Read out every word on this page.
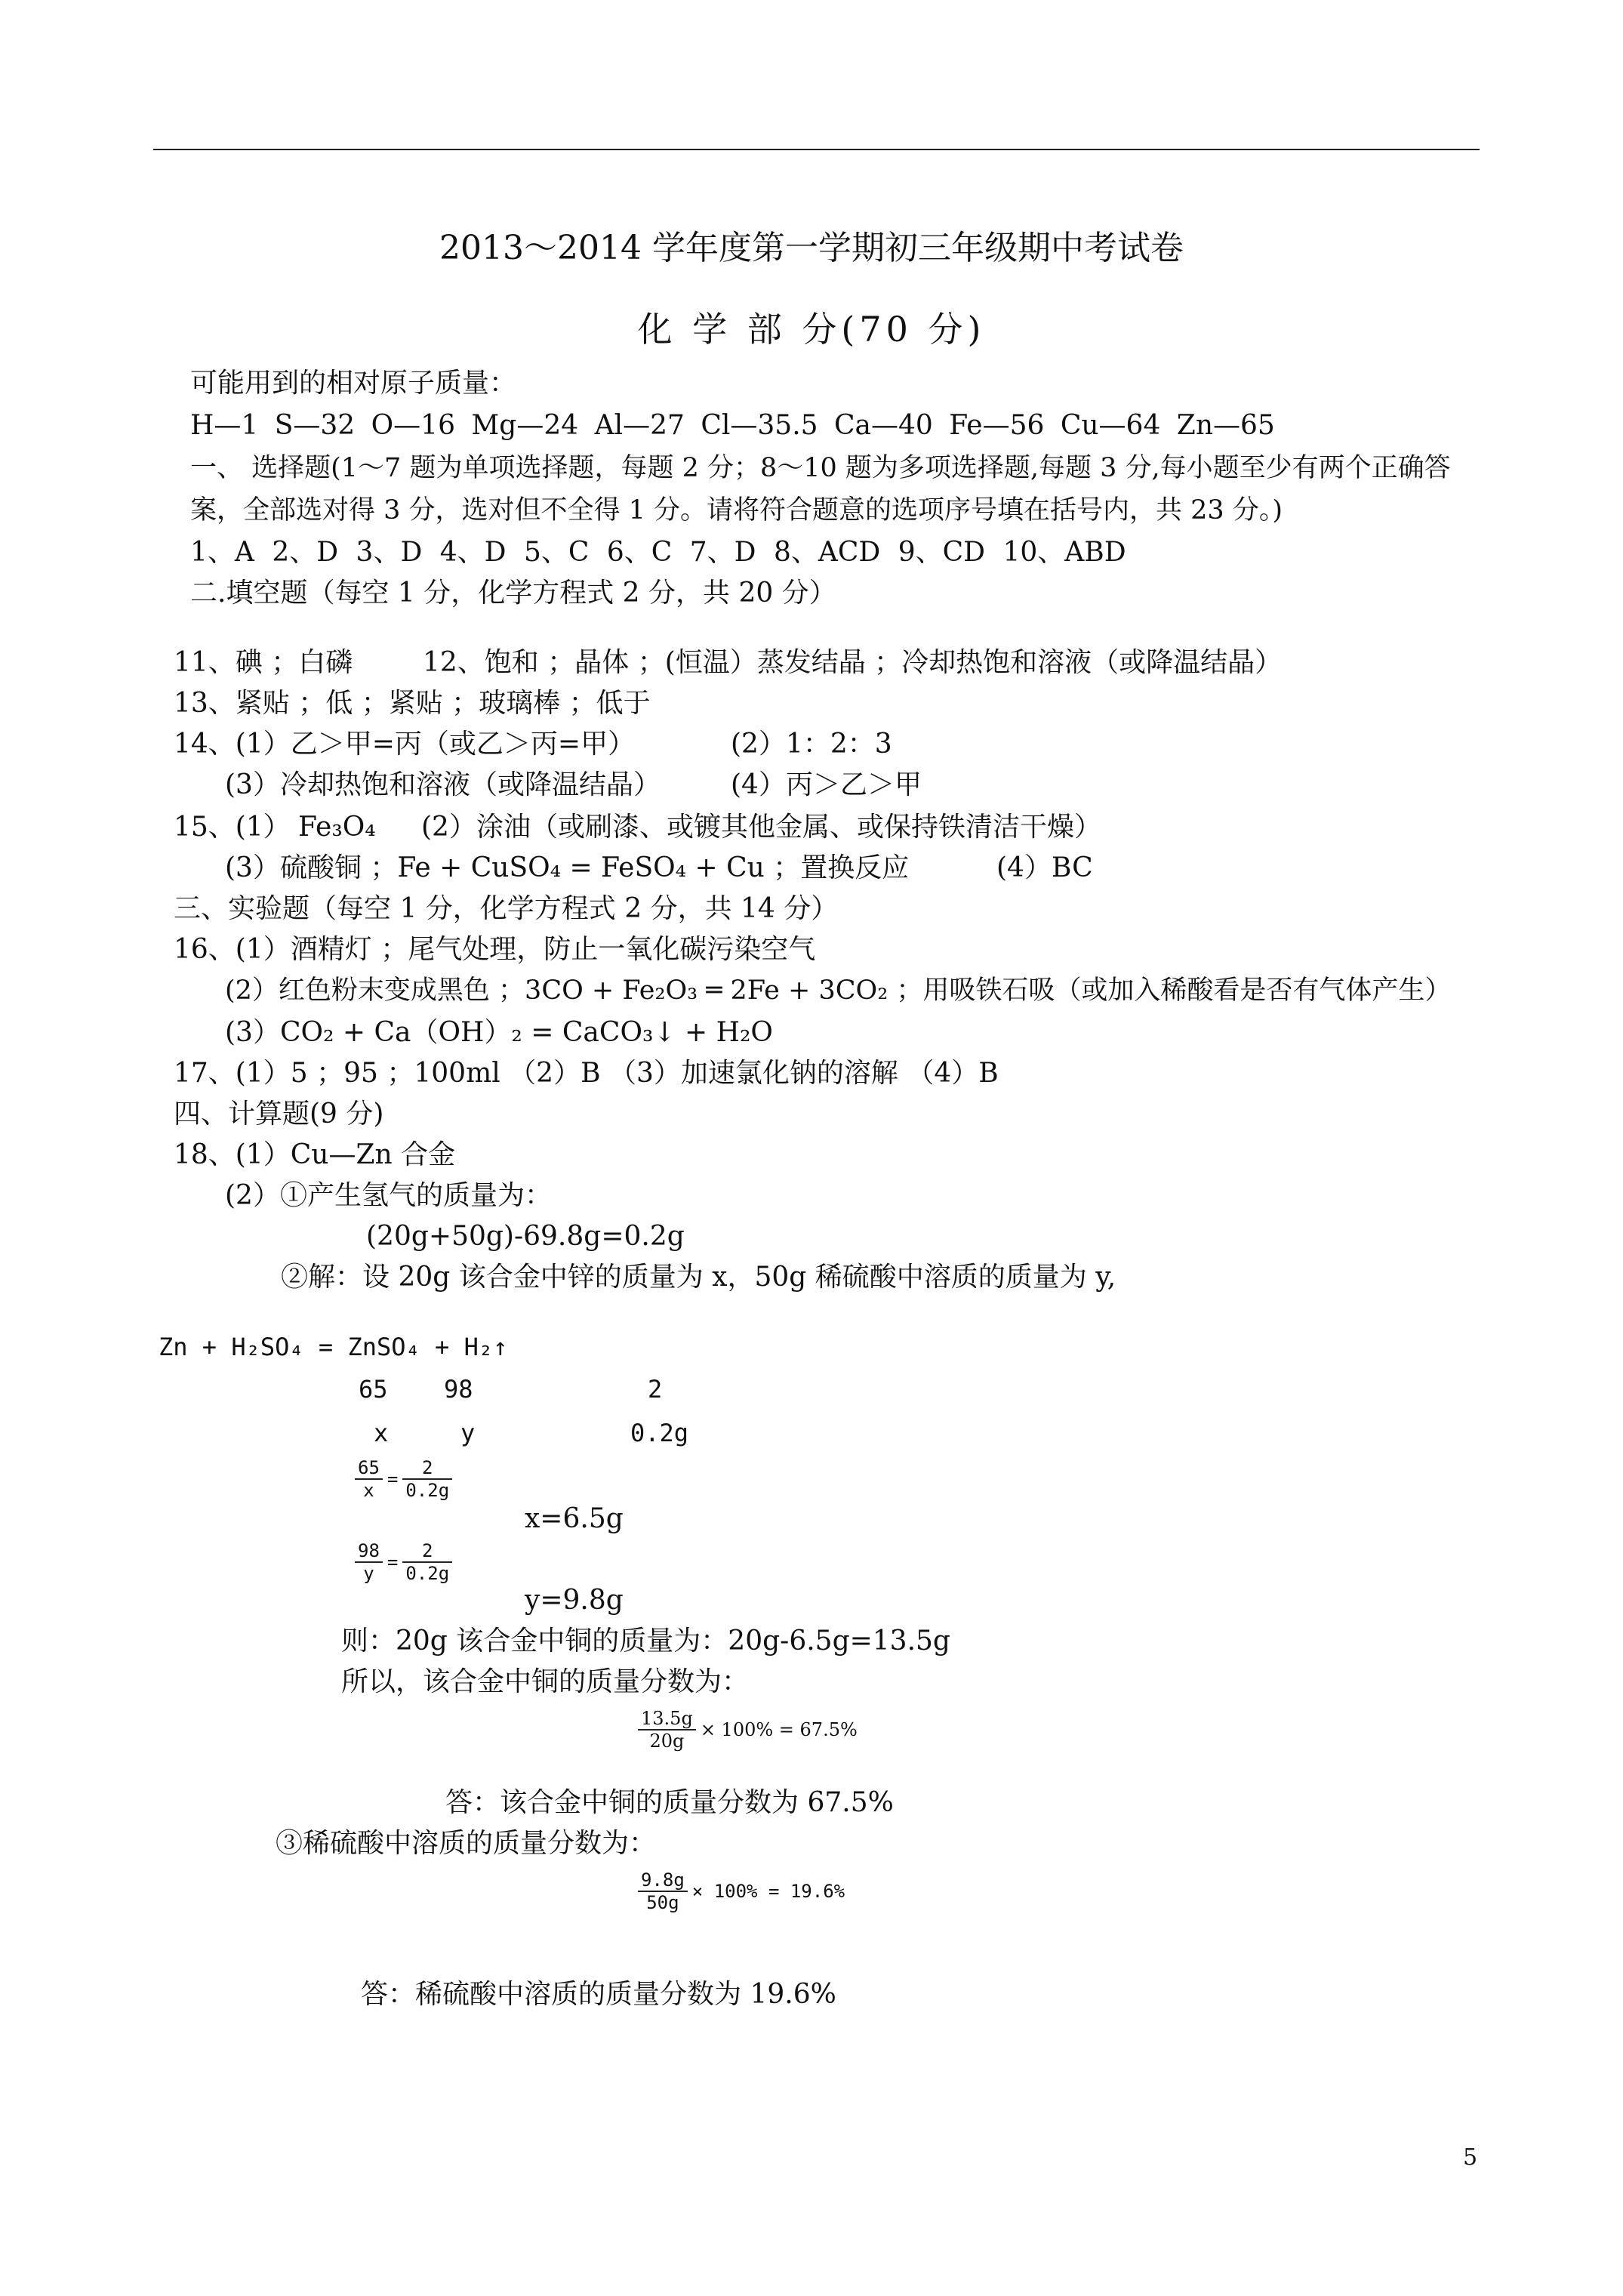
2013～2014 学年度第一学期初三年级期中考试卷
化 学 部 分(70 分)
可能用到的相对原子质量：
H—1 S—32 O—16 Mg—24 Al—27 Cl—35.5 Ca—40 Fe—56 Cu—64 Zn—65
一、 选择题(1～7 题为单项选择题，每题 2 分；8～10 题为多项选择题,每题 3 分,每小题至少有两个正确答
案，全部选对得 3 分，选对但不全得 1 分。请将符合题意的选项序号填在括号内，共 23 分。)
1、A 2、D 3、D 4、D 5、C 6、C 7、D 8、ACD 9、CD 10、ABD
二.填空题（每空 1 分，化学方程式 2 分，共 20 分）
11、碘 ；白磷	12、饱和 ；晶体 ；(恒温）蒸发结晶 ；冷却热饱和溶液（或降温结晶）
13、紧贴 ；低 ；紧贴 ；玻璃棒 ；低于
14、(1）乙＞甲=丙（或乙＞丙=甲）	(2）1：2：3
(3）冷却热饱和溶液（或降温结晶）	(4）丙＞乙＞甲
15、(1） Fe₃O₄ (2）涂油（或刷漆、或镀其他金属、或保持铁清洁干燥）
(3）硫酸铜 ；Fe + CuSO₄ = FeSO₄ + Cu ；置换反应	(4）BC
三、实验题（每空 1 分，化学方程式 2 分，共 14 分）
16、(1）酒精灯 ；尾气处理，防止一氧化碳污染空气
(2）红色粉末变成黑色 ；3CO + Fe₂O₃ ═ 2Fe + 3CO₂ ；用吸铁石吸（或加入稀酸看是否有气体产生）
(3）CO₂ + Ca（OH）₂ = CaCO₃↓ + H₂O
17、(1）5 ；95 ；100ml （2）B （3）加速氯化钠的溶解 （4）B
四、计算题(9 分)
18、(1）Cu—Zn 合金
(2）①产生氢气的质量为：
(20g+50g)-69.8g=0.2g
②解：设 20g 该合金中锌的质量为 x，50g 稀硫酸中溶质的质量为 y,
Zn + H₂SO₄ = ZnSO₄ + H₂↑
65 98	2
x	y	0.2g
$\frac{65}{x} = \frac{2}{0.2g}$
x=6.5g
$\frac{98}{y} = \frac{2}{0.2g}$
y=9.8g
则：20g 该合金中铜的质量为：20g-6.5g=13.5g
所以，该合金中铜的质量分数为：
$\frac{13.5g}{20g} \times 100\% = 67.5\%$
答：该合金中铜的质量分数为 67.5%
③稀硫酸中溶质的质量分数为：
$\frac{9.8g}{50g} \times 100\% = 19.6\%$
答：稀硫酸中溶质的质量分数为 19.6%
5
